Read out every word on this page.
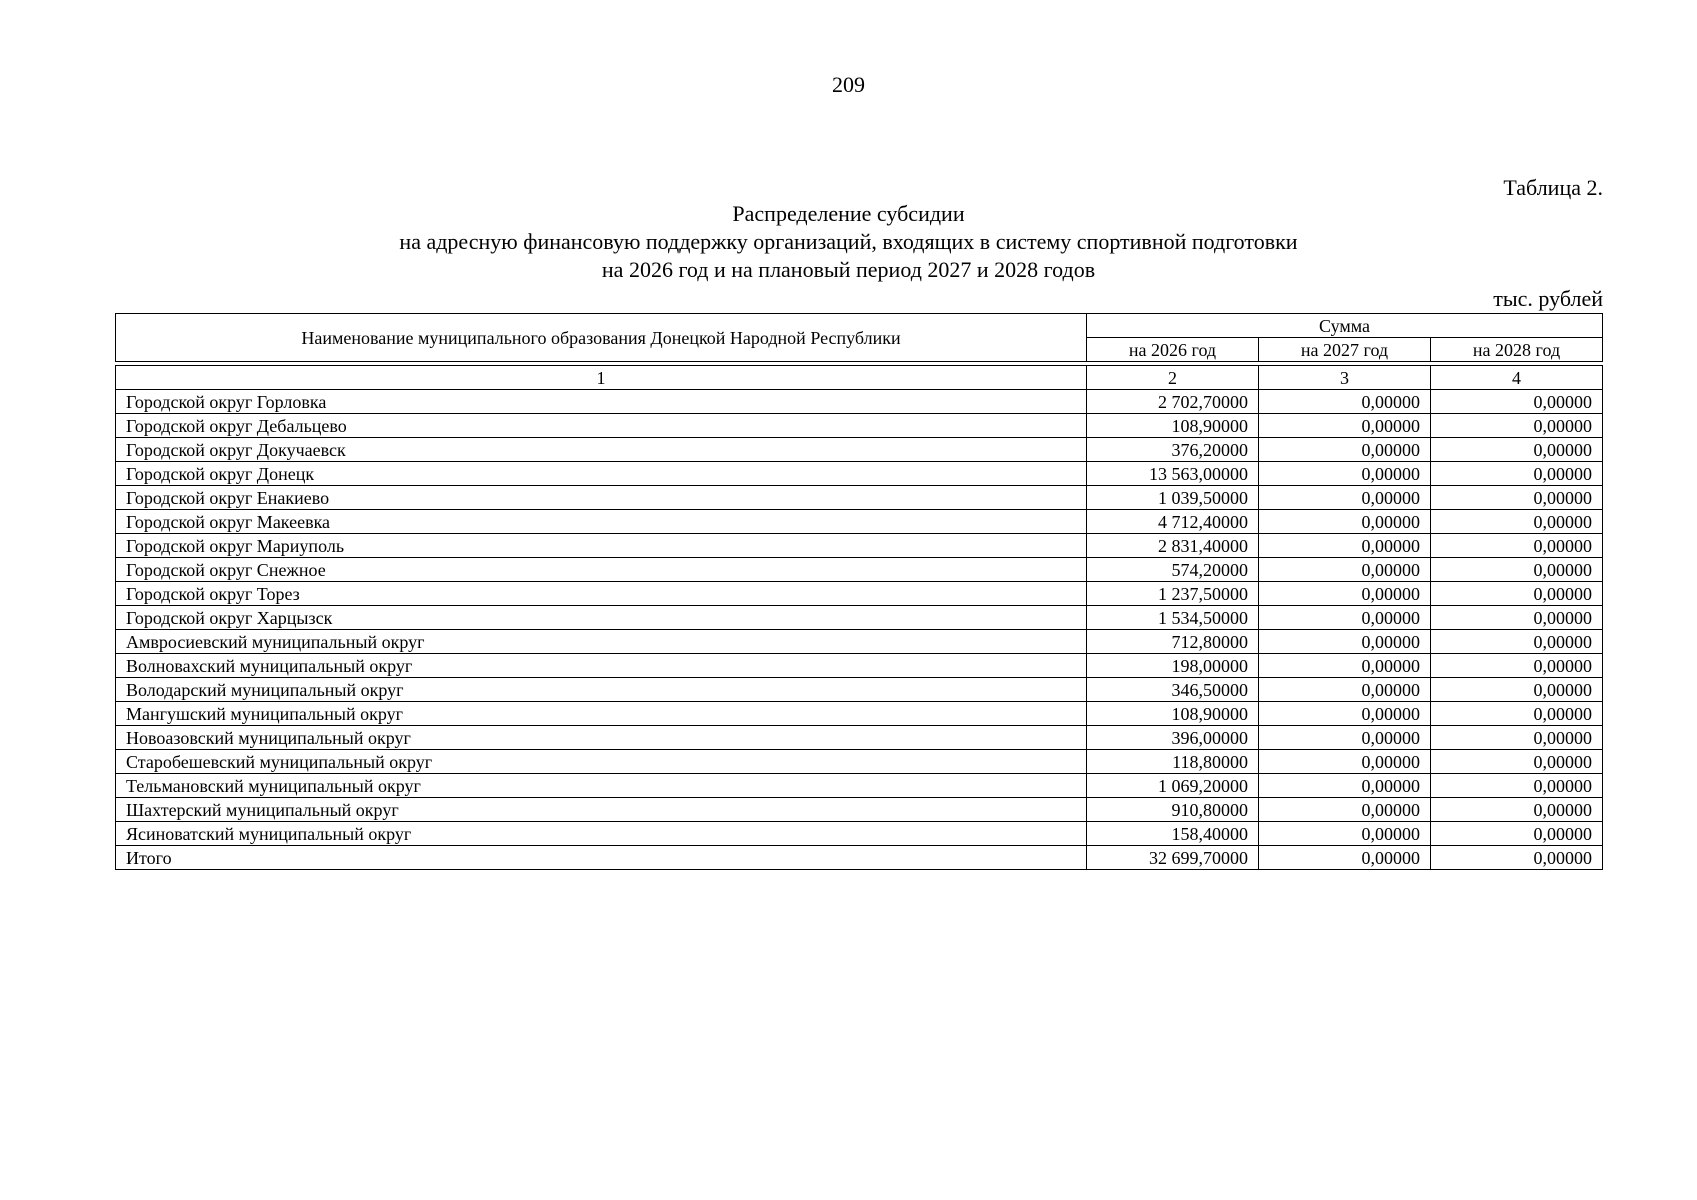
209
Таблица 2.
Распределение субсидии
на адресную финансовую поддержку организаций, входящих в систему спортивной подготовки
на 2026 год и на плановый период 2027 и 2028 годов
тыс. рублей
Наименование муниципального образования Донецкой Народной Республики	Сумма		
	на 2026 год	на 2027 год	на 2028 год

1	2	3	4
Городской округ Горловка	2 702,70000	0,00000	0,00000
Городской округ Дебальцево	108,90000	0,00000	0,00000
Городской округ Докучаевск	376,20000	0,00000	0,00000
Городской округ Донецк	13 563,00000	0,00000	0,00000
Городской округ Енакиево	1 039,50000	0,00000	0,00000
Городской округ Макеевка	4 712,40000	0,00000	0,00000
Городской округ Мариуполь	2 831,40000	0,00000	0,00000
Городской округ Снежное	574,20000	0,00000	0,00000
Городской округ Торез	1 237,50000	0,00000	0,00000
Городской округ Харцызск	1 534,50000	0,00000	0,00000
Амвросиевский муниципальный округ	712,80000	0,00000	0,00000
Волновахский муниципальный округ	198,00000	0,00000	0,00000
Володарский муниципальный округ	346,50000	0,00000	0,00000
Мангушский муниципальный округ	108,90000	0,00000	0,00000
Новоазовский муниципальный округ	396,00000	0,00000	0,00000
Старобешевский муниципальный округ	118,80000	0,00000	0,00000
Тельмановский муниципальный округ	1 069,20000	0,00000	0,00000
Шахтерский муниципальный округ	910,80000	0,00000	0,00000
Ясиноватский муниципальный округ	158,40000	0,00000	0,00000
Итого	32 699,70000	0,00000	0,00000
